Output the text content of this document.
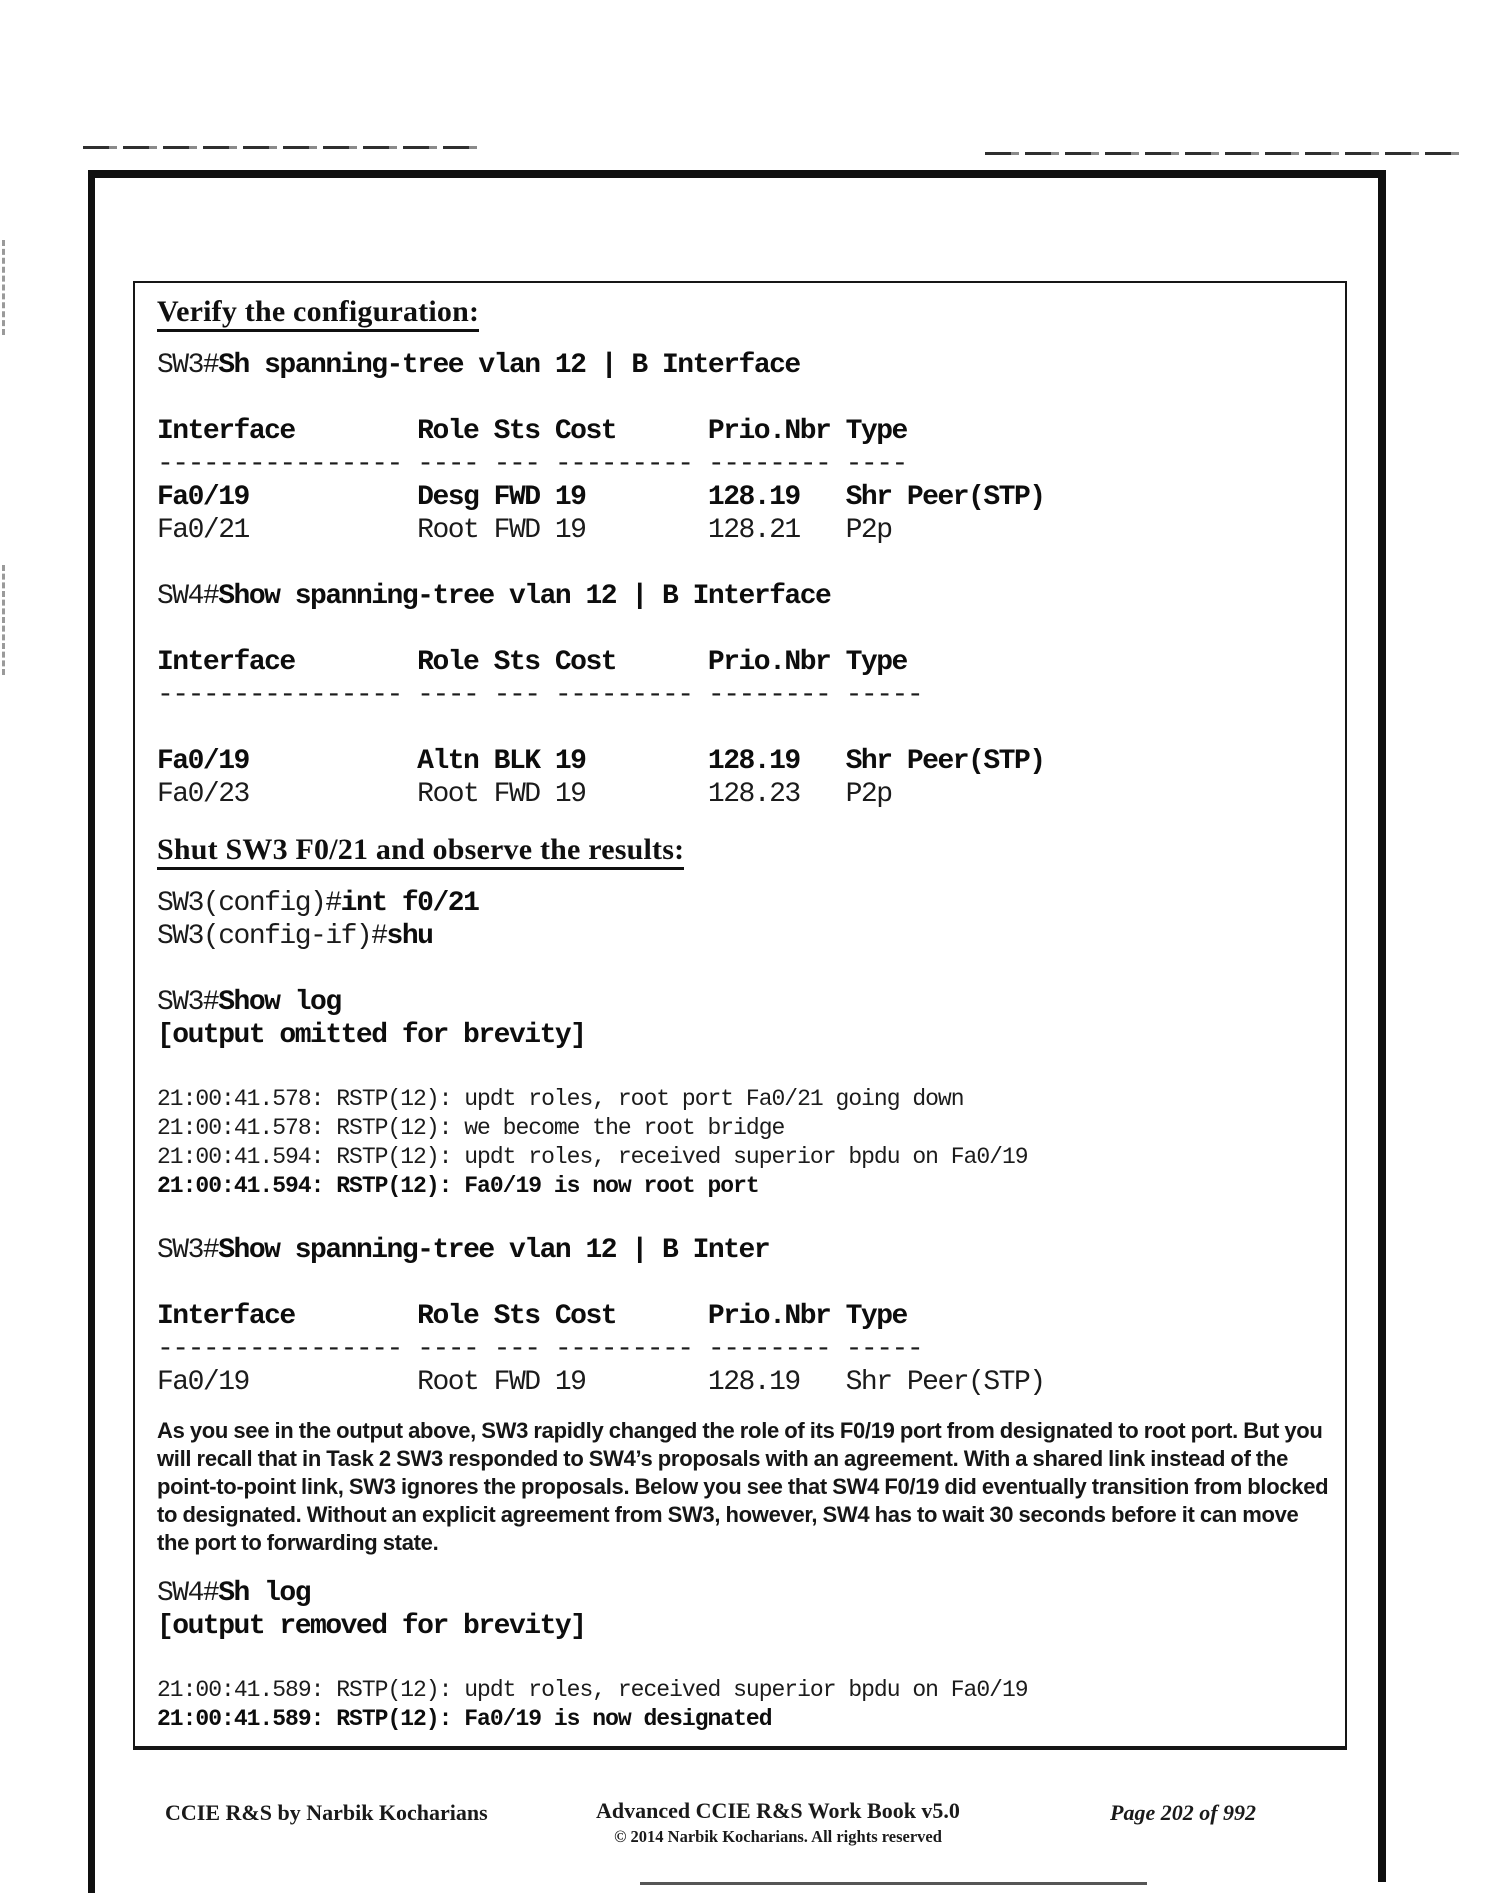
Verify the configuration:
SW3#Sh spanning-tree vlan 12 | B Interface

Interface        Role Sts Cost      Prio.Nbr Type
---------------- ---- --- --------- -------- ----
Fa0/19           Desg FWD 19        128.19   Shr Peer(STP)
Fa0/21           Root FWD 19        128.21   P2p

SW4#Show spanning-tree vlan 12 | B Interface

Interface        Role Sts Cost      Prio.Nbr Type
---------------- ---- --- --------- -------- -----

Fa0/19           Altn BLK 19        128.19   Shr Peer(STP)
Fa0/23           Root FWD 19        128.23   P2p
Shut SW3 F0/21 and observe the results:
SW3(config)#int f0/21
SW3(config-if)#shu

SW3#Show log
[output omitted for brevity]

21:00:41.578: RSTP(12): updt roles, root port Fa0/21 going down
21:00:41.578: RSTP(12): we become the root bridge
21:00:41.594: RSTP(12): updt roles, received superior bpdu on Fa0/19
21:00:41.594: RSTP(12): Fa0/19 is now root port

SW3#Show spanning-tree vlan 12 | B Inter

Interface        Role Sts Cost      Prio.Nbr Type
---------------- ---- --- --------- -------- -----
Fa0/19           Root FWD 19        128.19   Shr Peer(STP)

As you see in the output above, SW3 rapidly changed the role of its F0/19 port from designated to root port. But you will recall that in Task 2 SW3 responded to SW4’s proposals with an agreement. With a shared link instead of the point-to-point link, SW3 ignores the proposals. Below you see that SW4 F0/19 did eventually transition from blocked to designated. Without an explicit agreement from SW3, however, SW4 has to wait 30 seconds before it can move the port to forwarding state.

SW4#Sh log
[output removed for brevity]

21:00:41.589: RSTP(12): updt roles, received superior bpdu on Fa0/19
21:00:41.589: RSTP(12): Fa0/19 is now designated
CCIE R&S by Narbik Kocharians	Advanced CCIE R&S Work Book v5.0
© 2014 Narbik Kocharians. All rights reserved
Page 202 of 992
